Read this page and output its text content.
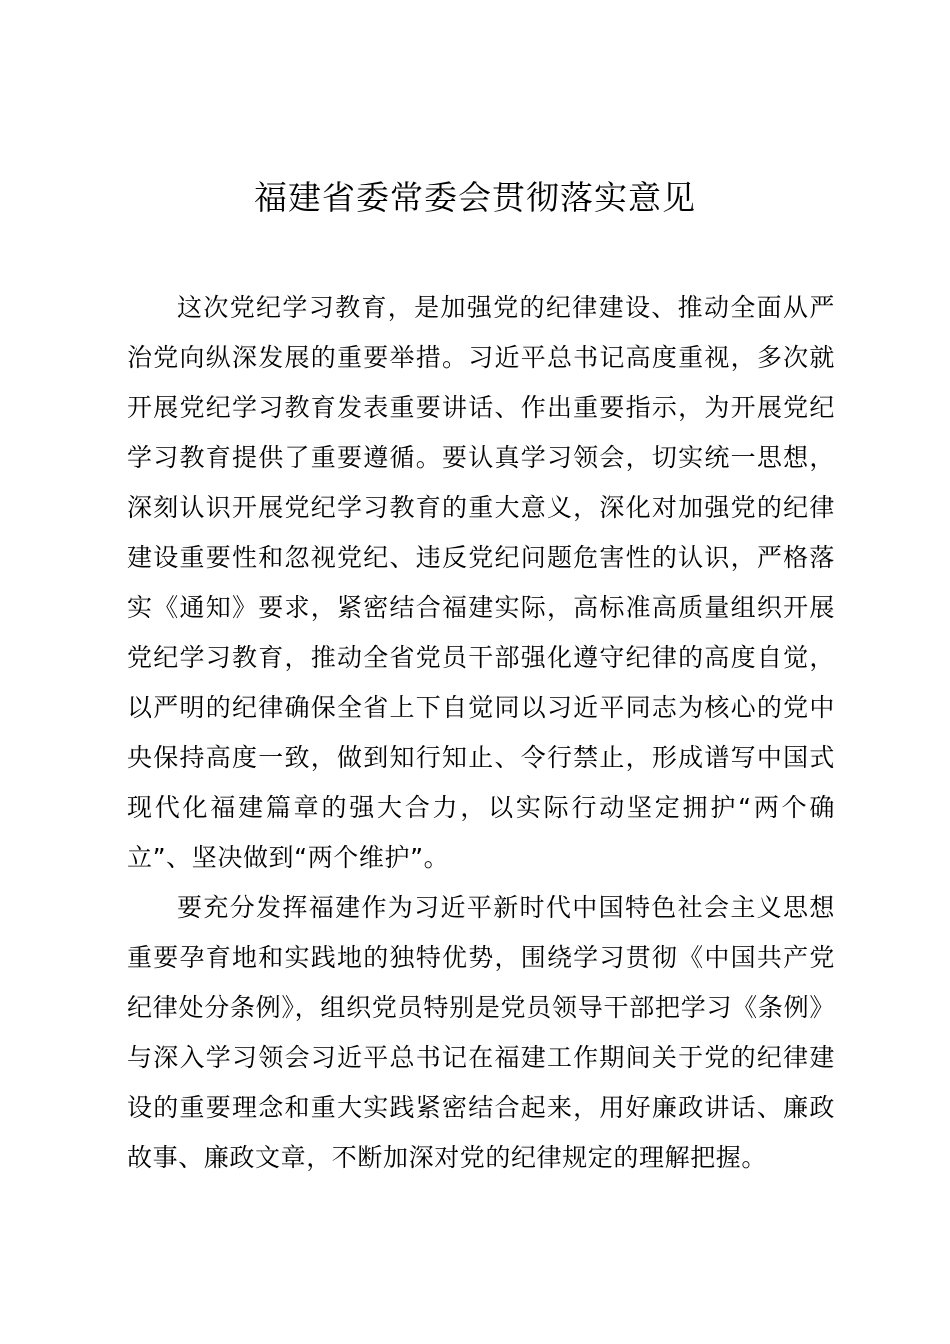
福建省委常委会贯彻落实意见

这次党纪学习教育，是加强党的纪律建设、推动全面从严治党向纵深发展的重要举措。习近平总书记高度重视，多次就开展党纪学习教育发表重要讲话、作出重要指示，为开展党纪学习教育提供了重要遵循。要认真学习领会，切实统一思想，深刻认识开展党纪学习教育的重大意义，深化对加强党的纪律建设重要性和忽视党纪、违反党纪问题危害性的认识，严格落实《通知》要求，紧密结合福建实际，高标准高质量组织开展党纪学习教育，推动全省党员干部强化遵守纪律的高度自觉，以严明的纪律确保全省上下自觉同以习近平同志为核心的党中央保持高度一致，做到知行知止、令行禁止，形成谱写中国式现代化福建篇章的强大合力，以实际行动坚定拥护“两个确立”、坚决做到“两个维护”。

要充分发挥福建作为习近平新时代中国特色社会主义思想重要孕育地和实践地的独特优势，围绕学习贯彻《中国共产党纪律处分条例》，组织党员特别是党员领导干部把学习《条例》与深入学习领会习近平总书记在福建工作期间关于党的纪律建设的重要理念和重大实践紧密结合起来，用好廉政讲话、廉政故事、廉政文章，不断加深对党的纪律规定的理解把握。
